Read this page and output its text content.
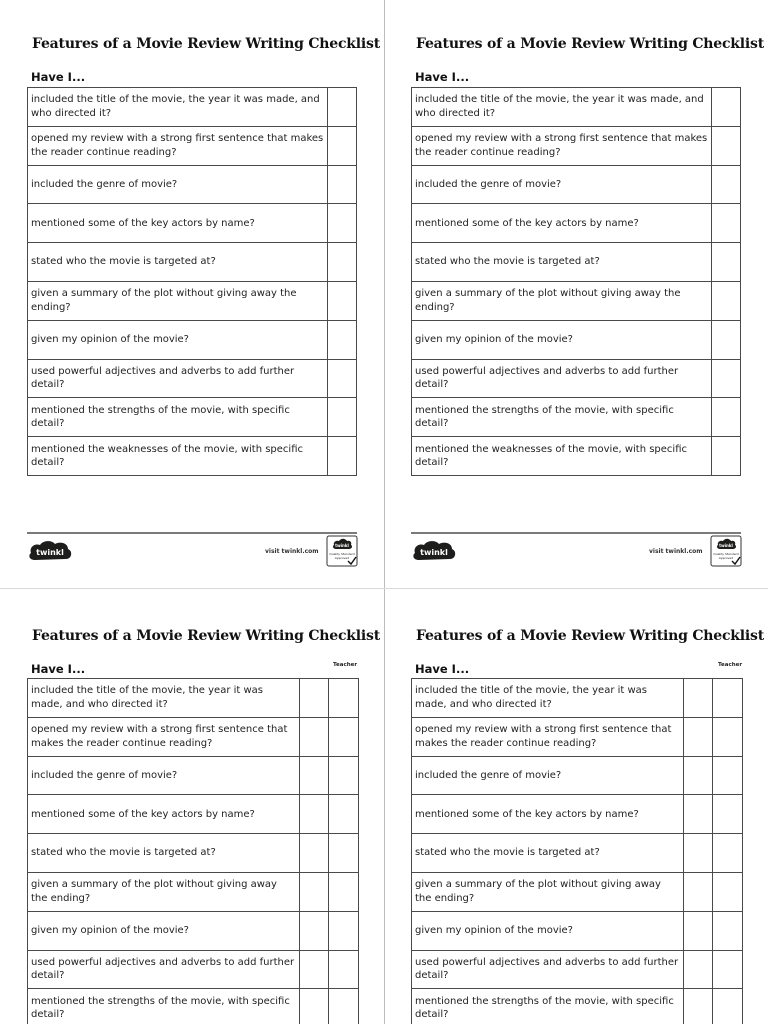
Features of a Movie Review Writing Checklist
Have I...
included the title of the movie, the year it was made, and who directed it?	
opened my review with a strong first sentence that makes the reader continue reading?	
included the genre of movie?	
mentioned some of the key actors by name?	
stated who the movie is targeted at?	
given a summary of the plot without giving away the ending?	
given my opinion of the movie?	
used powerful adjectives and adverbs to add further detail?	
mentioned the strengths of the movie, with specific detail?	
mentioned the weaknesses of the movie, with specific detail?	
Features of a Movie Review Writing Checklist
Have I...
included the title of the movie, the year it was made, and who directed it?	
opened my review with a strong first sentence that makes the reader continue reading?	
included the genre of movie?	
mentioned some of the key actors by name?	
stated who the movie is targeted at?	
given a summary of the plot without giving away the ending?	
given my opinion of the movie?	
used powerful adjectives and adverbs to add further detail?	
mentioned the strengths of the movie, with specific detail?	
mentioned the weaknesses of the movie, with specific detail?	
twinkl	visit twinkl.com
twinkl
Quality Standard
Approved
twinkl	visit twinkl.com
twinkl
Quality Standard
Approved
Features of a Movie Review Writing Checklist
Have I...	Teacher
included the title of the movie, the year it was made, and who directed it?		
opened my review with a strong first sentence that makes the reader continue reading?		
included the genre of movie?		
mentioned some of the key actors by name?		
stated who the movie is targeted at?		
given a summary of the plot without giving away the ending?		
given my opinion of the movie?		
used powerful adjectives and adverbs to add further detail?		
mentioned the strengths of the movie, with specific detail?		
Features of a Movie Review Writing Checklist
Have I...	Teacher
included the title of the movie, the year it was made, and who directed it?		
opened my review with a strong first sentence that makes the reader continue reading?		
included the genre of movie?		
mentioned some of the key actors by name?		
stated who the movie is targeted at?		
given a summary of the plot without giving away the ending?		
given my opinion of the movie?		
used powerful adjectives and adverbs to add further detail?		
mentioned the strengths of the movie, with specific detail?		
